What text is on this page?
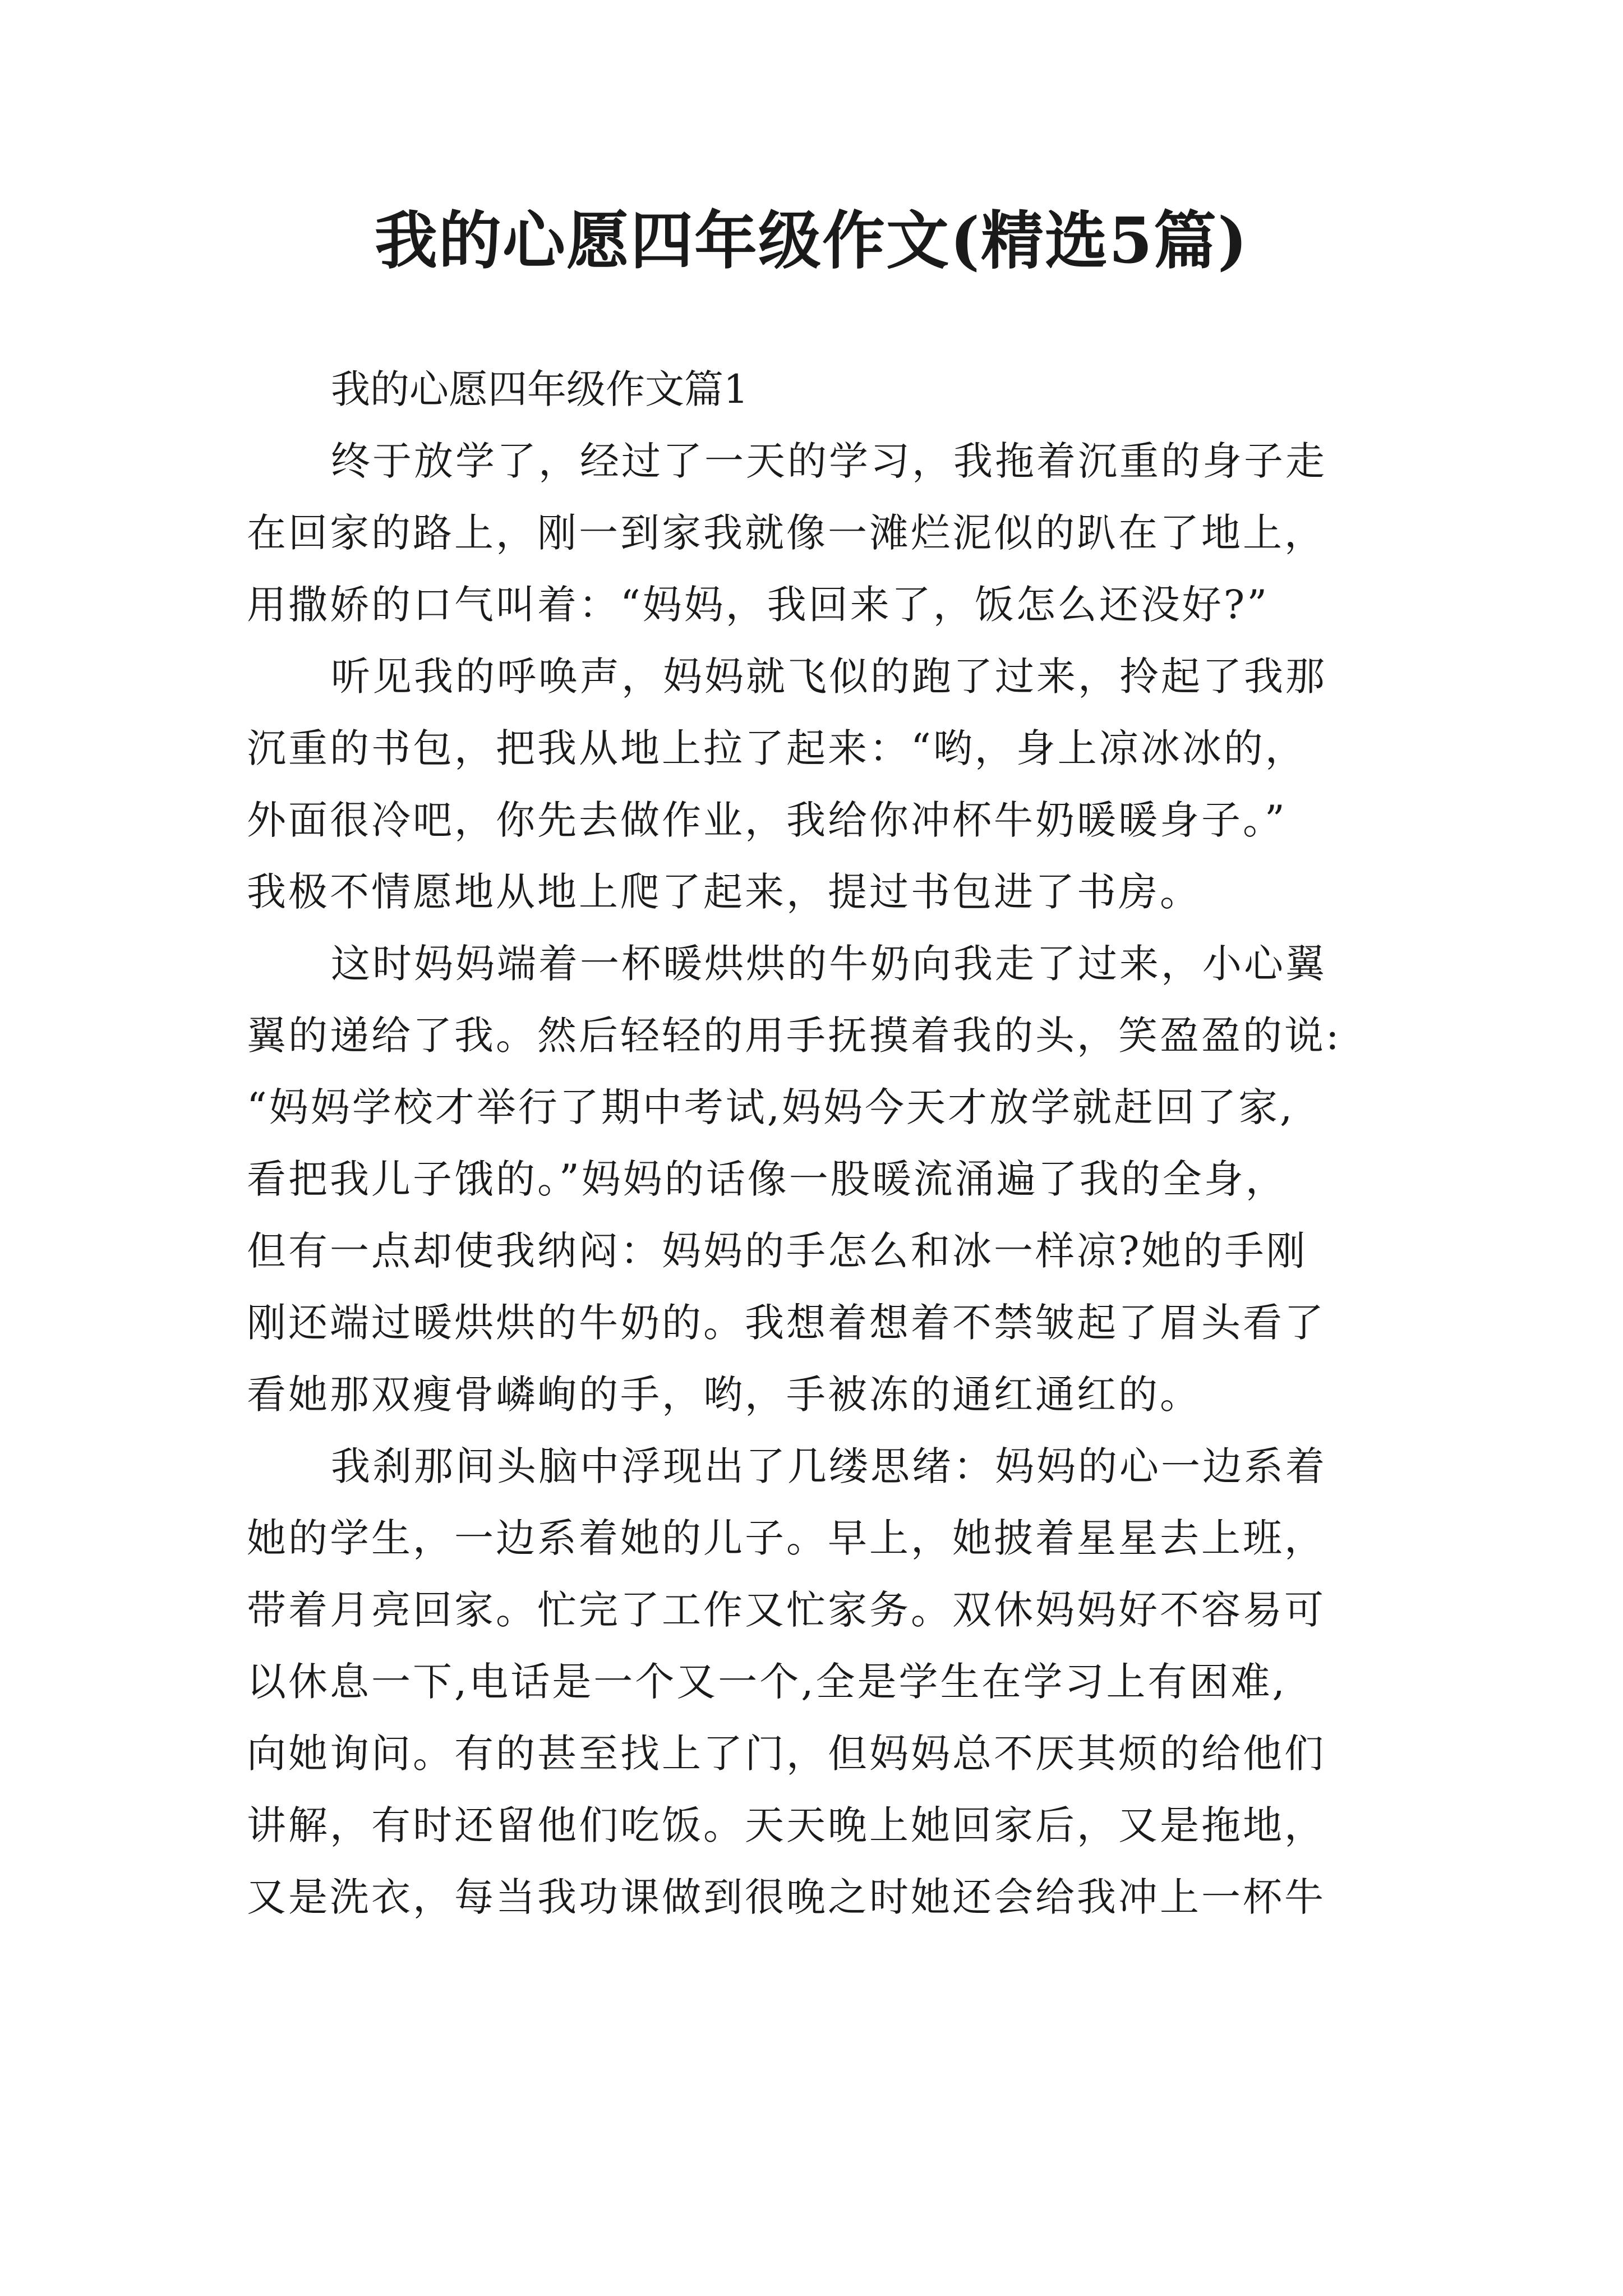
我的心愿四年级作文(精选5篇)
我的心愿四年级作文篇1

终于放学了，经过了一天的学习，我拖着沉重的身子走
在回家的路上，刚一到家我就像一滩烂泥似的趴在了地上，
用撒娇的口气叫着：“妈妈，我回来了，饭怎么还没好?”

听见我的呼唤声，妈妈就飞似的跑了过来，拎起了我那
沉重的书包，把我从地上拉了起来：“哟，身上凉冰冰的，
外面很冷吧，你先去做作业，我给你冲杯牛奶暖暖身子。”
我极不情愿地从地上爬了起来，提过书包进了书房。

这时妈妈端着一杯暖烘烘的牛奶向我走了过来，小心翼
翼的递给了我。然后轻轻的用手抚摸着我的头，笑盈盈的说:
“妈妈学校才举行了期中考试,妈妈今天才放学就赶回了家,
看把我儿子饿的。”妈妈的话像一股暖流涌遍了我的全身，
但有一点却使我纳闷：妈妈的手怎么和冰一样凉?她的手刚
刚还端过暖烘烘的牛奶的。我想着想着不禁皱起了眉头看了
看她那双瘦骨嶙峋的手，哟，手被冻的通红通红的。

我刹那间头脑中浮现出了几缕思绪：妈妈的心一边系着
她的学生，一边系着她的儿子。早上，她披着星星去上班，
带着月亮回家。忙完了工作又忙家务。双休妈妈好不容易可
以休息一下,电话是一个又一个,全是学生在学习上有困难,
向她询问。有的甚至找上了门，但妈妈总不厌其烦的给他们
讲解，有时还留他们吃饭。天天晚上她回家后，又是拖地，
又是洗衣，每当我功课做到很晚之时她还会给我冲上一杯牛
